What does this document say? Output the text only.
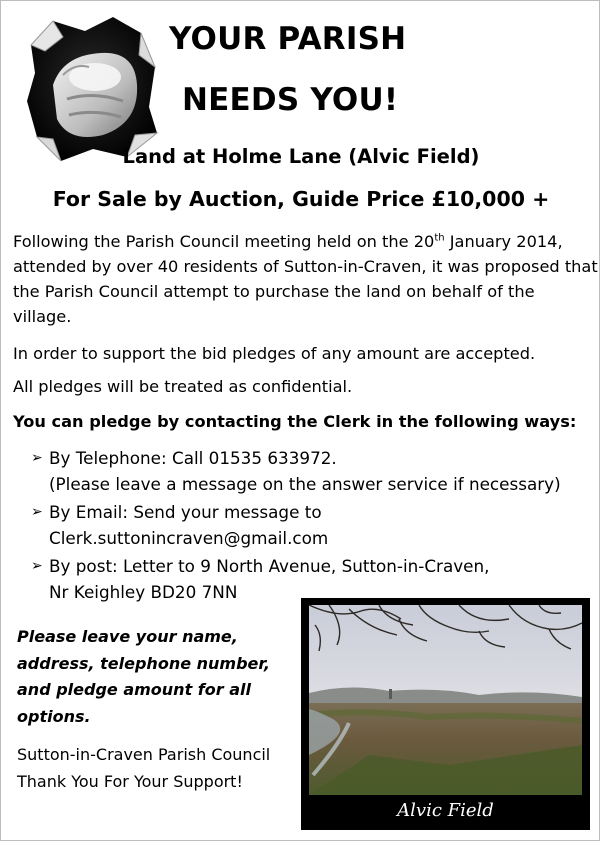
YOUR PARISH
NEEDS YOU!
Land at Holme Lane (Alvic Field)
For Sale by Auction, Guide Price £10,000 +
Following the Parish Council meeting held on the 20th January 2014, attended by over 40 residents of Sutton-in-Craven, it was proposed that the Parish Council attempt to purchase the land on behalf of the village.
In order to support the bid pledges of any amount are accepted.
All pledges will be treated as confidential.
You can pledge by contacting the Clerk in the following ways:
➢ By Telephone: Call 01535 633972.
(Please leave a message on the answer service if necessary)
➢ By Email: Send your message to
Clerk.suttonincraven@gmail.com
➢ By post: Letter to 9 North Avenue, Sutton-in-Craven,
Nr Keighley BD20 7NN
Please leave your name, address, telephone number, and pledge amount for all options.
Sutton-in-Craven Parish Council Thank You For Your Support!
Alvic Field
